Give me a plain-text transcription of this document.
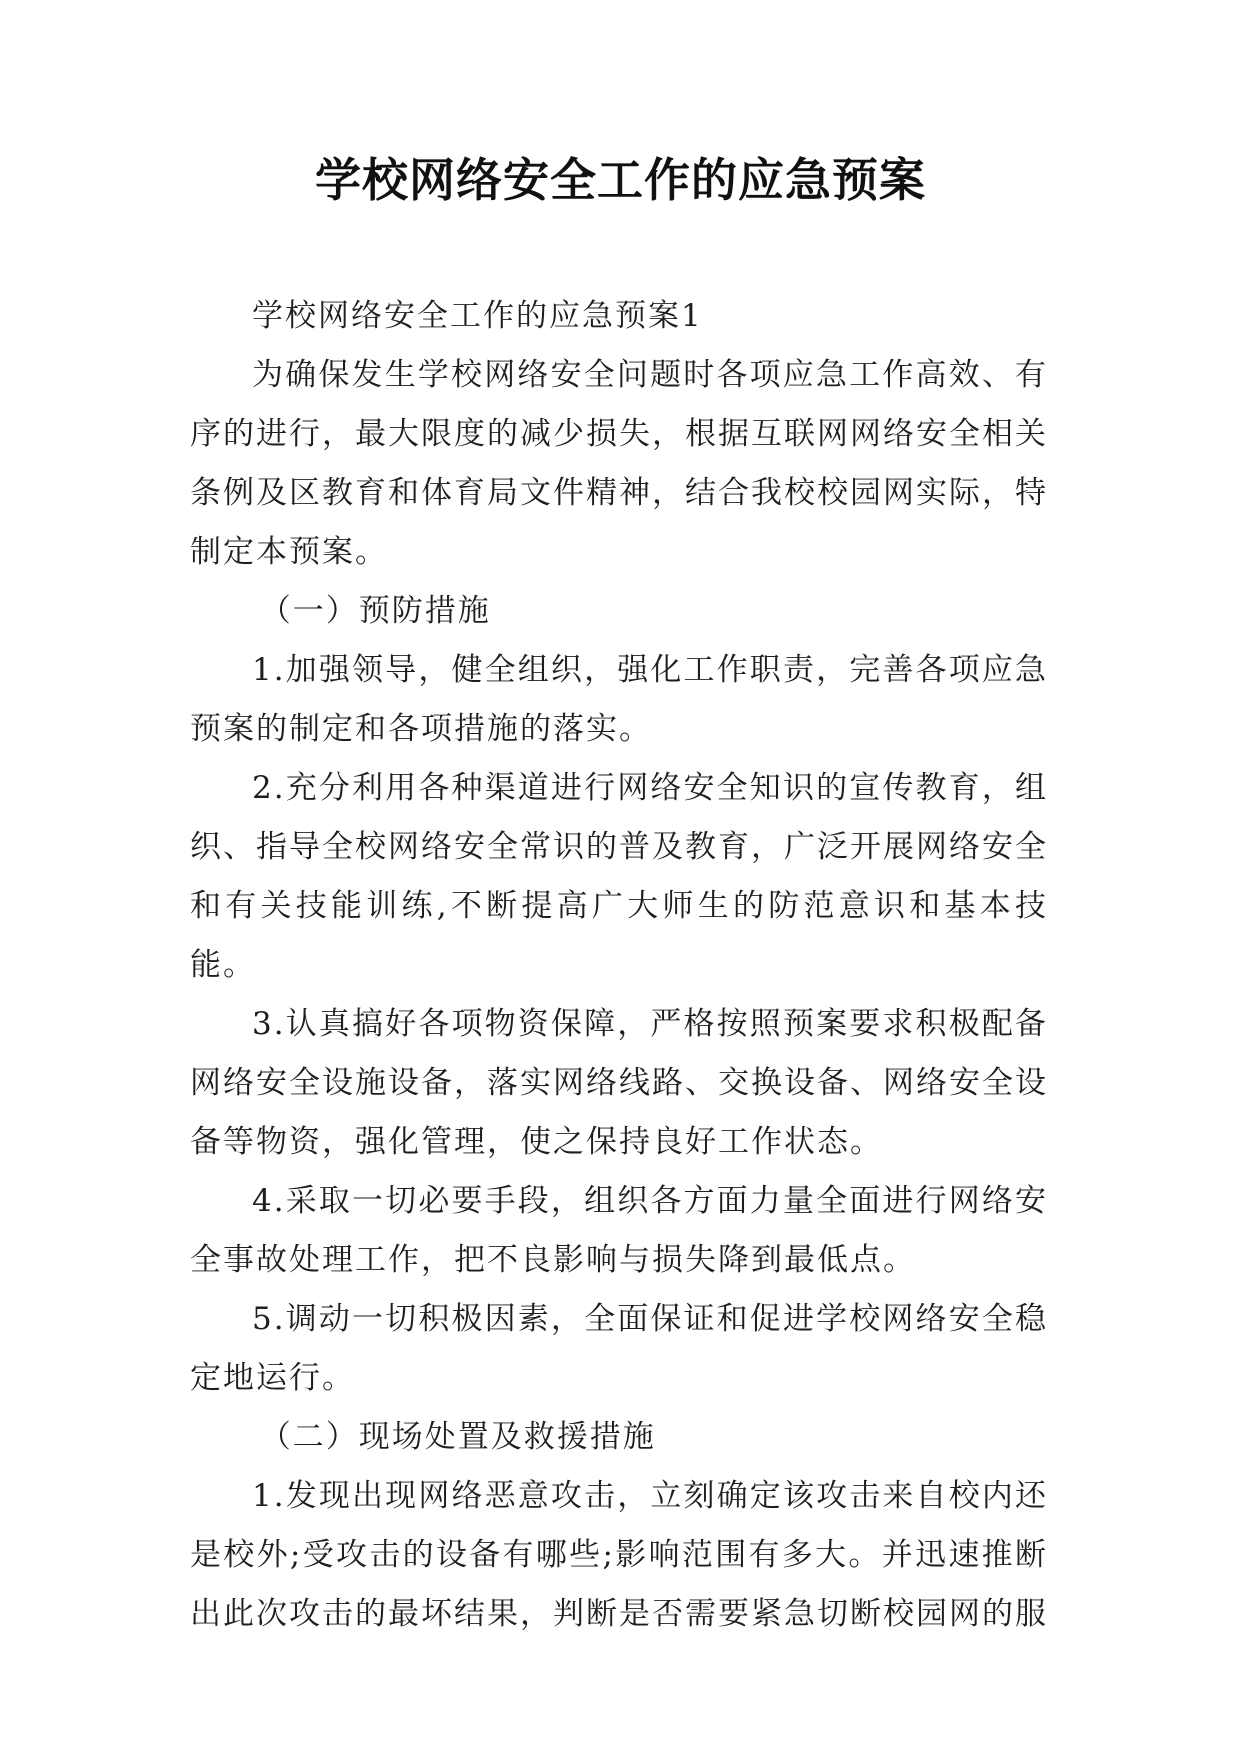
学校网络安全工作的应急预案

学校网络安全工作的应急预案1

为确保发生学校网络安全问题时各项应急工作高效、有序的进行，最大限度的减少损失，根据互联网网络安全相关条例及区教育和体育局文件精神，结合我校校园网实际，特制定本预案。

（一）预防措施

1.加强领导，健全组织，强化工作职责，完善各项应急预案的制定和各项措施的落实。

2.充分利用各种渠道进行网络安全知识的宣传教育，组织、指导全校网络安全常识的普及教育，广泛开展网络安全和有关技能训练,不断提高广大师生的防范意识和基本技能。

3.认真搞好各项物资保障，严格按照预案要求积极配备网络安全设施设备，落实网络线路、交换设备、网络安全设备等物资，强化管理，使之保持良好工作状态。

4.采取一切必要手段，组织各方面力量全面进行网络安全事故处理工作，把不良影响与损失降到最低点。

5.调动一切积极因素，全面保证和促进学校网络安全稳定地运行。

（二）现场处置及救援措施

1.发现出现网络恶意攻击，立刻确定该攻击来自校内还是校外;受攻击的设备有哪些;影响范围有多大。并迅速推断出此次攻击的最坏结果，判断是否需要紧急切断校园网的服
